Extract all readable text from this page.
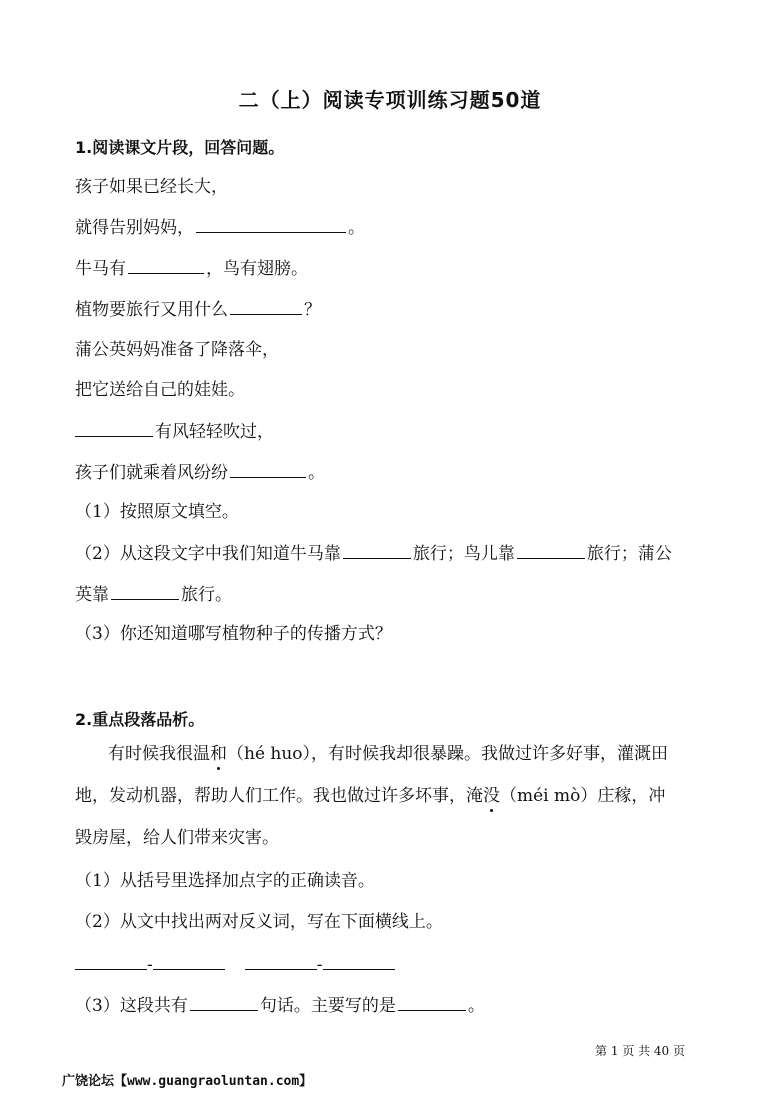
二（上）阅读专项训练习题50道
1.阅读课文片段，回答问题。
孩子如果已经长大，
就得告别妈妈，	。
牛马有	，鸟有翅膀。
植物要旅行又用什么	？
蒲公英妈妈准备了降落伞，
把它送给自己的娃娃。
有风轻轻吹过，
孩子们就乘着风纷纷	。
（1）按照原文填空。
（2）从这段文字中我们知道牛马靠	旅行；鸟儿靠	旅行；蒲公
英靠	旅行。
（3）你还知道哪写植物种子的传播方式？
2.重点段落品析。
有时候我很温和（hé huo），有时候我却很暴躁。我做过许多好事，灌溉田
地，发动机器，帮助人们工作。我也做过许多坏事，淹没（méi mò）庄稼，冲
毁房屋，给人们带来灾害。
（1）从括号里选择加点字的正确读音。
（2）从文中找出两对反义词，写在下面横线上。
-	-
（3）这段共有	句话。主要写的是	。
第 1 页 共 40 页
广饶论坛【www.guangraoluntan.com】
